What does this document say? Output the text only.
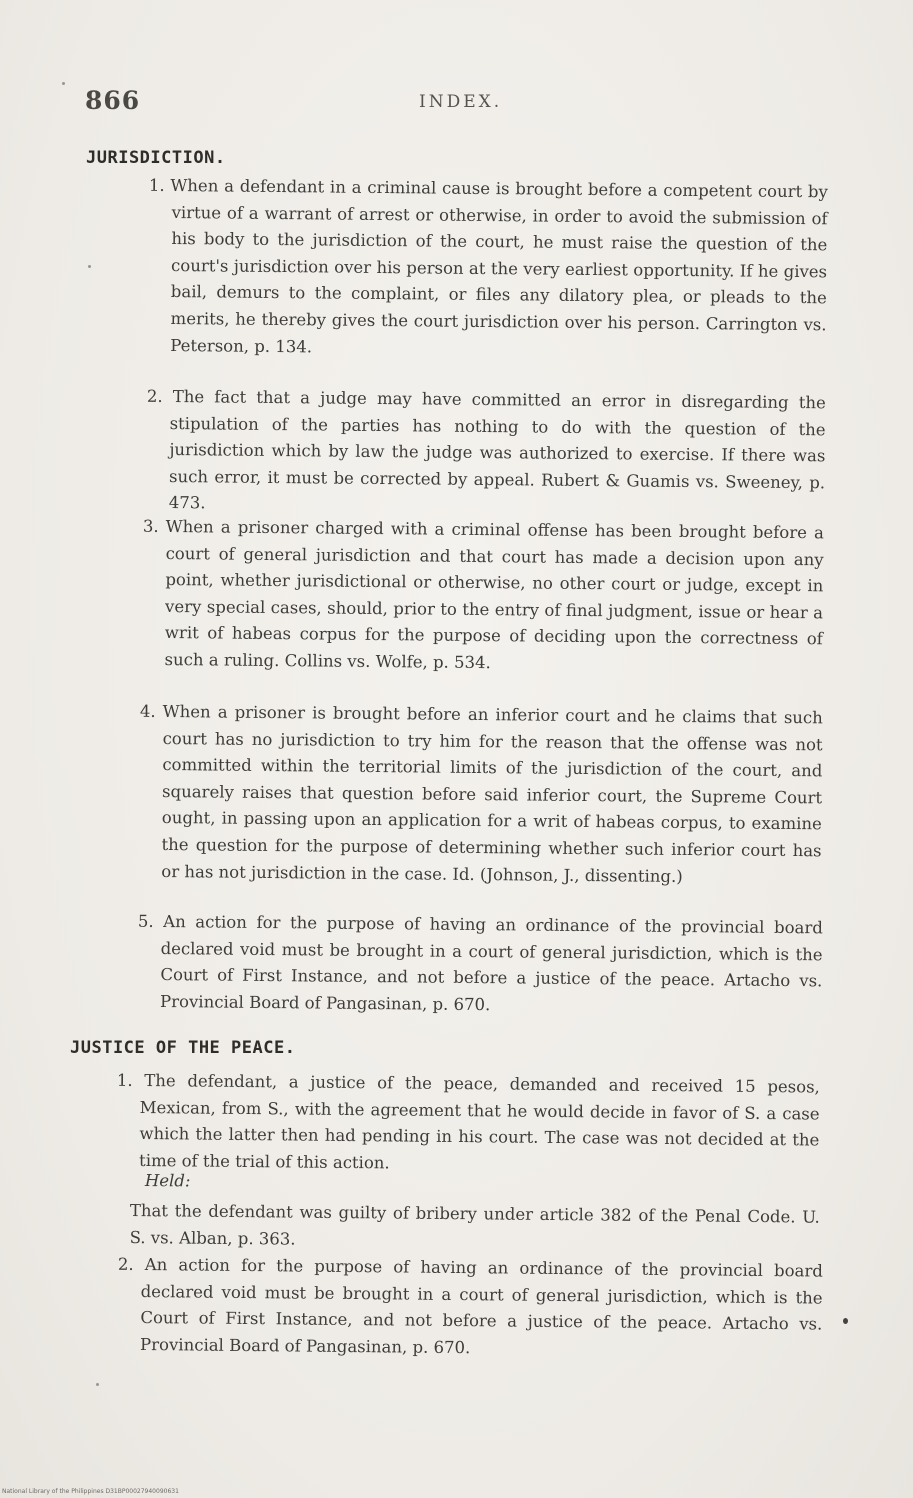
866	INDEX.
JURISDICTION.
1. When a defendant in a criminal cause is brought before a competent court by virtue of a warrant of arrest or otherwise, in order to avoid the submission of his body to the jurisdiction of the court, he must raise the question of the court's jurisdiction over his person at the very earliest opportunity. If he gives bail, demurs to the complaint, or files any dilatory plea, or pleads to the merits, he thereby gives the court jurisdiction over his person. Carrington vs. Peterson, p. 134.
2. The fact that a judge may have committed an error in disregarding the stipulation of the parties has nothing to do with the question of the jurisdiction which by law the judge was authorized to exercise. If there was such error, it must be corrected by appeal. Rubert & Guamis vs. Sweeney, p. 473.
3. When a prisoner charged with a criminal offense has been brought before a court of general jurisdiction and that court has made a decision upon any point, whether jurisdictional or otherwise, no other court or judge, except in very special cases, should, prior to the entry of final judgment, issue or hear a writ of habeas corpus for the purpose of deciding upon the correctness of such a ruling. Collins vs. Wolfe, p. 534.
4. When a prisoner is brought before an inferior court and he claims that such court has no jurisdiction to try him for the reason that the offense was not committed within the territorial limits of the jurisdiction of the court, and squarely raises that question before said inferior court, the Supreme Court ought, in passing upon an application for a writ of habeas corpus, to examine the question for the purpose of determining whether such inferior court has or has not jurisdiction in the case. Id. (Johnson, J., dissenting.)
5. An action for the purpose of having an ordinance of the provincial board declared void must be brought in a court of general jurisdiction, which is the Court of First Instance, and not before a justice of the peace. Artacho vs. Provincial Board of Pangasinan, p. 670.
JUSTICE OF THE PEACE.
1. The defendant, a justice of the peace, demanded and received 15 pesos, Mexican, from S., with the agreement that he would decide in favor of S. a case which the latter then had pending in his court. The case was not decided at the time of the trial of this action.
Held:
That the defendant was guilty of bribery under article 382 of the Penal Code. U. S. vs. Alban, p. 363.
2. An action for the purpose of having an ordinance of the provincial board declared void must be brought in a court of general jurisdiction, which is the Court of First Instance, and not before a justice of the peace. Artacho vs. Provincial Board of Pangasinan, p. 670.
National Library of the Philippines D31BP00027940090631
